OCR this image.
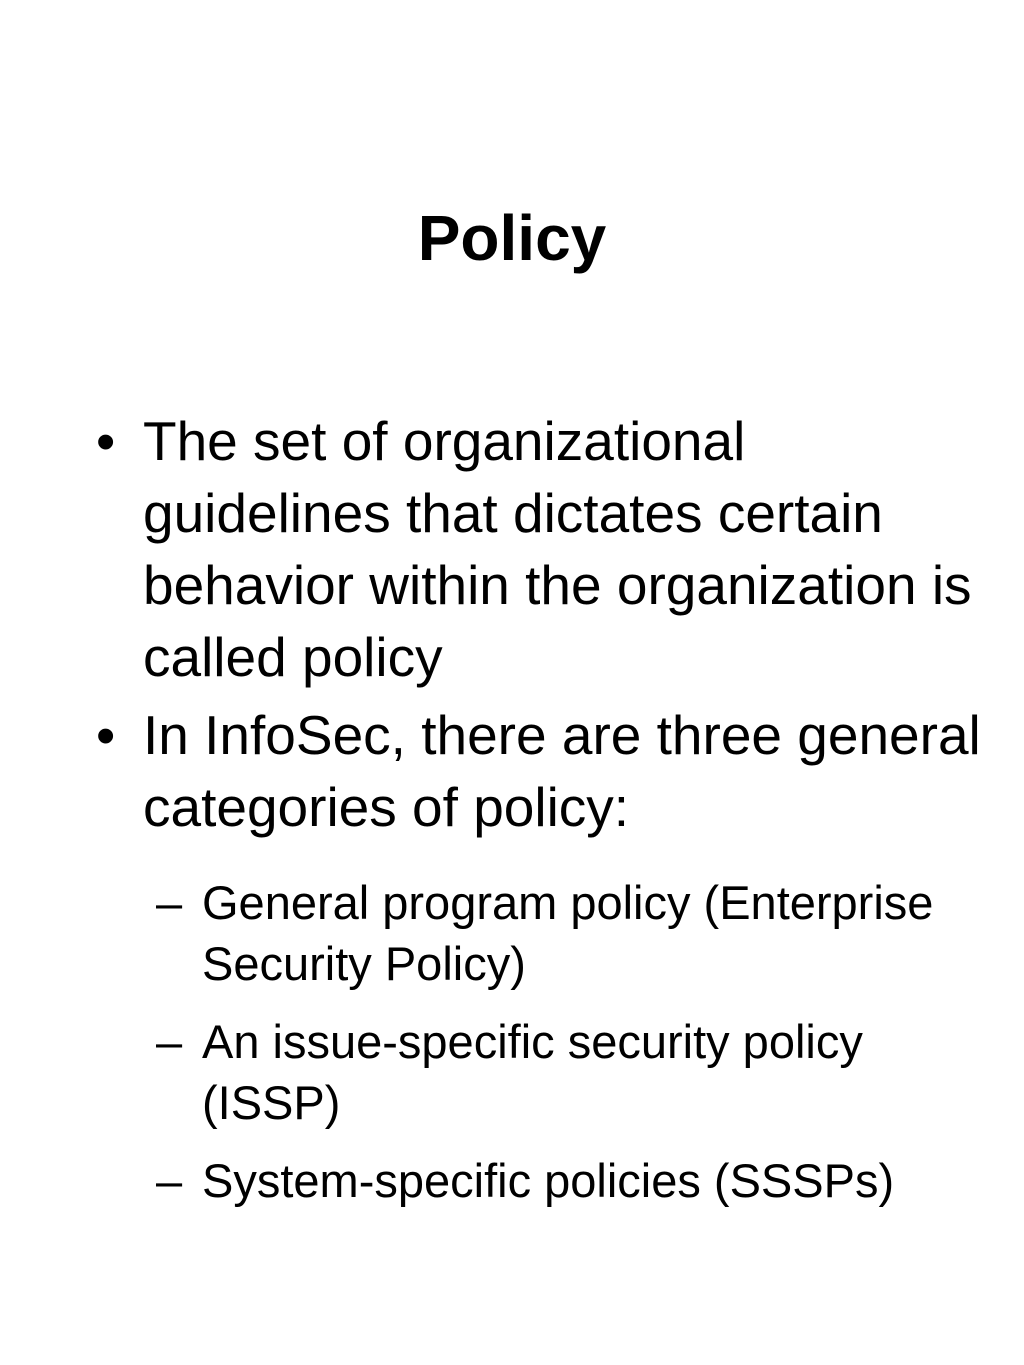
Policy
• The set of organizational guidelines that dictates certain behavior within the organization is called policy
• In InfoSec, there are three general categories of policy:
– General program policy (Enterprise Security Policy)
– An issue-specific security policy (ISSP)
– System-specific policies (SSSPs)
